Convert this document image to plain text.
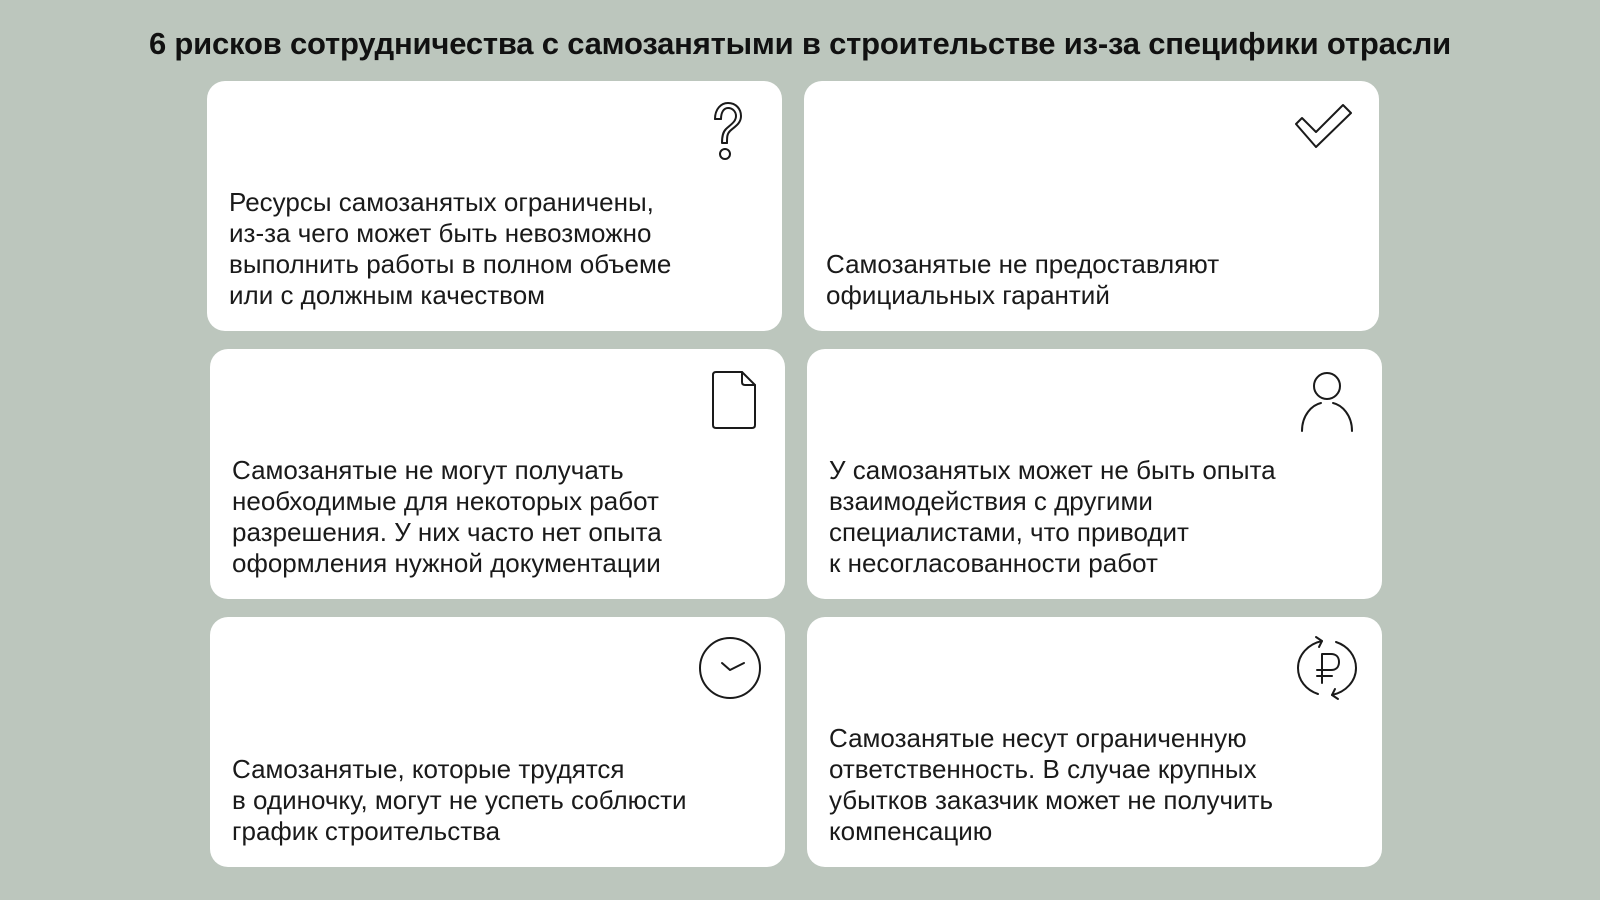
6 рисков сотрудничества с самозанятыми в строительстве из-за специфики отрасли
Ресурсы самозанятых ограничены,
из-за чего может быть невозможно
выполнить работы в полном объеме
или с должным качеством
Самозанятые не предоставляют
официальных гарантий
Самозанятые не могут получать
необходимые для некоторых работ
разрешения. У них часто нет опыта
оформления нужной документации
У самозанятых может не быть опыта
взаимодействия с другими
специалистами, что приводит
к несогласованности работ
Самозанятые, которые трудятся
в одиночку, могут не успеть соблюсти
график строительства
Самозанятые несут ограниченную
ответственность. В случае крупных
убытков заказчик может не получить
компенсацию
